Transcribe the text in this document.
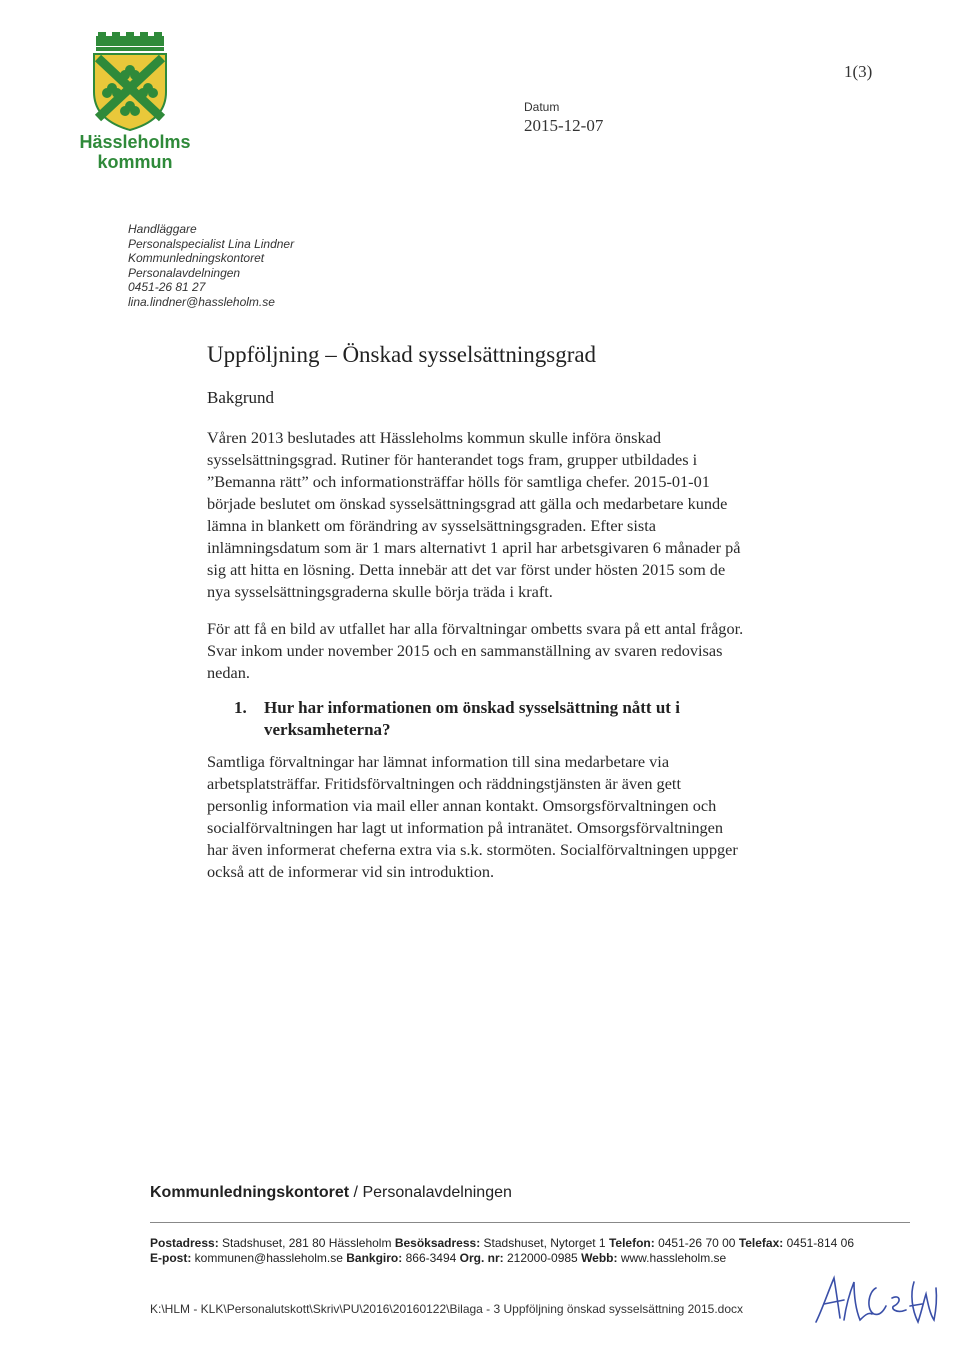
Hässleholms
kommun
1(3)
Datum
2015-12-07
Handläggare
Personalspecialist Lina Lindner
Kommunledningskontoret
Personalavdelningen
0451-26 81 27
lina.lindner@hassleholm.se
Uppföljning – Önskad sysselsättningsgrad
Bakgrund
Våren 2013 beslutades att Hässleholms kommun skulle införa önskad
sysselsättningsgrad. Rutiner för hanterandet togs fram, grupper utbildades i
”Bemanna rätt” och informationsträffar hölls för samtliga chefer. 2015-01-01
började beslutet om önskad sysselsättningsgrad att gälla och medarbetare kunde
lämna in blankett om förändring av sysselsättningsgraden. Efter sista
inlämningsdatum som är 1 mars alternativt 1 april har arbetsgivaren 6 månader på
sig att hitta en lösning. Detta innebär att det var först under hösten 2015 som de
nya sysselsättningsgraderna skulle börja träda i kraft.
För att få en bild av utfallet har alla förvaltningar ombetts svara på ett antal frågor.
Svar inkom under november 2015 och en sammanställning av svaren redovisas
nedan.
1. Hur har informationen om önskad sysselsättning nått ut i
verksamheterna?
Samtliga förvaltningar har lämnat information till sina medarbetare via
arbetsplatsträffar. Fritidsförvaltningen och räddningstjänsten är även gett
personlig information via mail eller annan kontakt. Omsorgsförvaltningen och
socialförvaltningen har lagt ut information på intranätet. Omsorgsförvaltningen
har även informerat cheferna extra via s.k. stormöten. Socialförvaltningen uppger
också att de informerar vid sin introduktion.
Kommunledningskontoret / Personalavdelningen
Postadress: Stadshuset, 281 80 Hässleholm Besöksadress: Stadshuset, Nytorget 1 Telefon: 0451-26 70 00 Telefax: 0451-814 06
E-post: kommunen@hassleholm.se Bankgiro: 866-3494 Org. nr: 212000-0985 Webb: www.hassleholm.se
K:\HLM - KLK\Personalutskott\Skriv\PU\2016\20160122\Bilaga - 3 Uppföljning önskad sysselsättning 2015.docx
